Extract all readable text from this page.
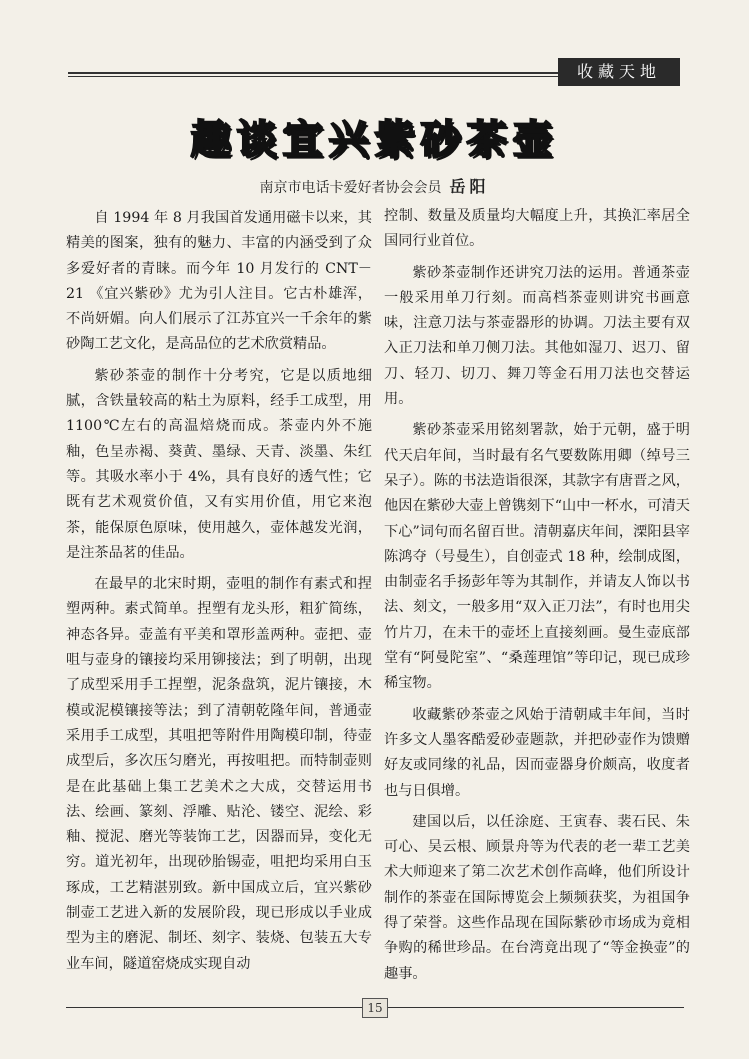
收藏天地
趣谈宜兴紫砂茶壶
南京市电话卡爱好者协会会员 岳阳

自 1994 年 8 月我国首发通用磁卡以来，其精美的图案，独有的魅力、丰富的内涵受到了众多爱好者的青睐。而今年 10 月发行的 CNT－21 《宜兴紫砂》尤为引人注目。它古朴雄浑，不尚妍媚。向人们展示了江苏宜兴一千余年的紫砂陶工艺文化，是高品位的艺术欣赏精品。

紫砂茶壶的制作十分考究，它是以质地细腻，含铁量较高的粘土为原料，经手工成型，用 1100℃左右的高温焙烧而成。茶壶内外不施釉，色呈赤褐、葵黄、墨绿、天青、淡墨、朱红等。其吸水率小于 4%，具有良好的透气性；它既有艺术观赏价值，又有实用价值，用它来泡茶，能保原色原味，使用越久，壶体越发光润，是注茶品茗的佳品。

在最早的北宋时期，壶咀的制作有素式和捏塑两种。素式简单。捏塑有龙头形，粗犷简练，神态各异。壶盖有平美和罩形盖两种。壶把、壶咀与壶身的镶接均采用铆接法；到了明朝，出现了成型采用手工捏塑，泥条盘筑，泥片镶接，木模或泥模镶接等法；到了清朝乾隆年间，普通壶采用手工成型，其咀把等附件用陶模印制，待壶成型后，多次压匀磨光，再按咀把。而特制壶则是在此基础上集工艺美术之大成，交替运用书法、绘画、篆刻、浮雕、贴沦、镂空、泥绘、彩釉、搅泥、磨光等装饰工艺，因器而异，变化无穷。道光初年，出现砂胎锡壶，咀把均采用白玉琢成，工艺精湛别致。新中国成立后，宜兴紫砂制壶工艺进入新的发展阶段，现已形成以手业成型为主的磨泥、制坯、刻字、装烧、包装五大专业车间，隧道窑烧成实现自动

控制、数量及质量均大幅度上升，其换汇率居全国同行业首位。

紫砂茶壶制作还讲究刀法的运用。普通茶壶一般采用单刀行刻。而高档茶壶则讲究书画意味，注意刀法与茶壶器形的协调。刀法主要有双入正刀法和单刀侧刀法。其他如湿刀、迟刀、留刀、轻刀、切刀、舞刀等金石用刀法也交替运用。

紫砂茶壶采用铭刻署款，始于元朝，盛于明代天启年间，当时最有名气要数陈用卿（绰号三呆子）。陈的书法造诣很深，其款字有唐晋之风，他因在紫砂大壶上曾镌刻下“山中一杯水，可清天下心”词句而名留百世。清朝嘉庆年间，溧阳县宰陈鸿夺（号曼生），自创壶式 18 种，绘制成图，由制壶名手扬彭年等为其制作，并请友人饰以书法、刻文，一般多用“双入正刀法”，有时也用尖竹片刀，在未干的壶坯上直接刻画。曼生壶底部堂有“阿曼陀室”、“桑莲理馆”等印记，现已成珍稀宝物。

收藏紫砂茶壶之风始于清朝咸丰年间，当时许多文人墨客酷爱砂壶题款，并把砂壶作为馈赠好友或同缘的礼品，因而壶器身价颇高，收度者也与日俱增。

建国以后，以任涂庭、王寅春、裴石民、朱可心、吴云根、顾景舟等为代表的老一辈工艺美术大师迎来了第二次艺术创作高峰，他们所设计制作的茶壶在国际博览会上频频获奖，为祖国争得了荣誉。这些作品现在国际紫砂市场成为竟相争购的稀世珍品。在台湾竟出现了“等金换壶”的趣事。

15
